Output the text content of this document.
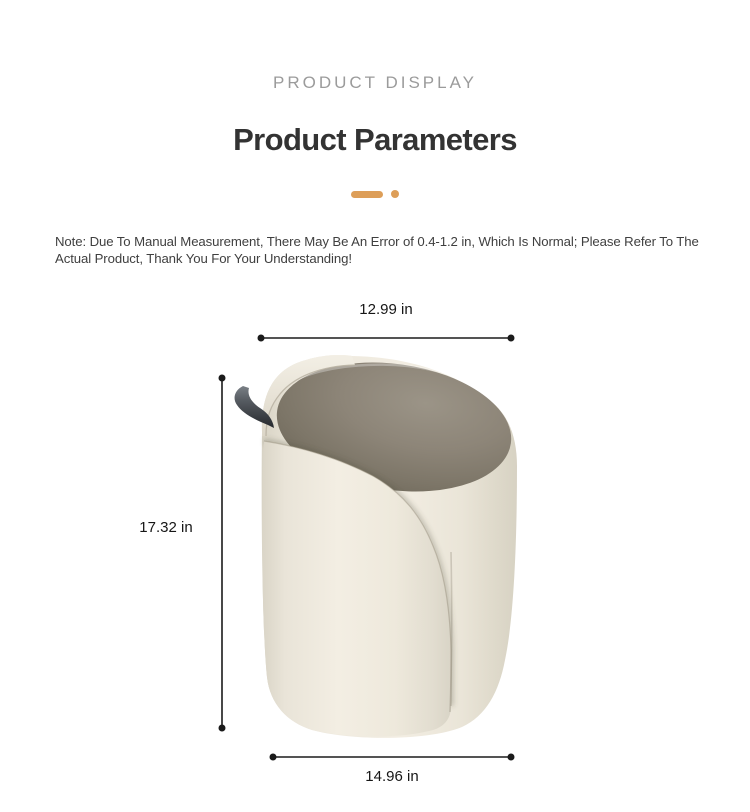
PRODUCT DISPLAY
Product Parameters
Note: Due To Manual Measurement, There May Be An Error of 0.4-1.2 in, Which Is Normal; Please Refer To The Actual Product, Thank You For Your Understanding!
12.99 in
17.32 in
14.96 in
